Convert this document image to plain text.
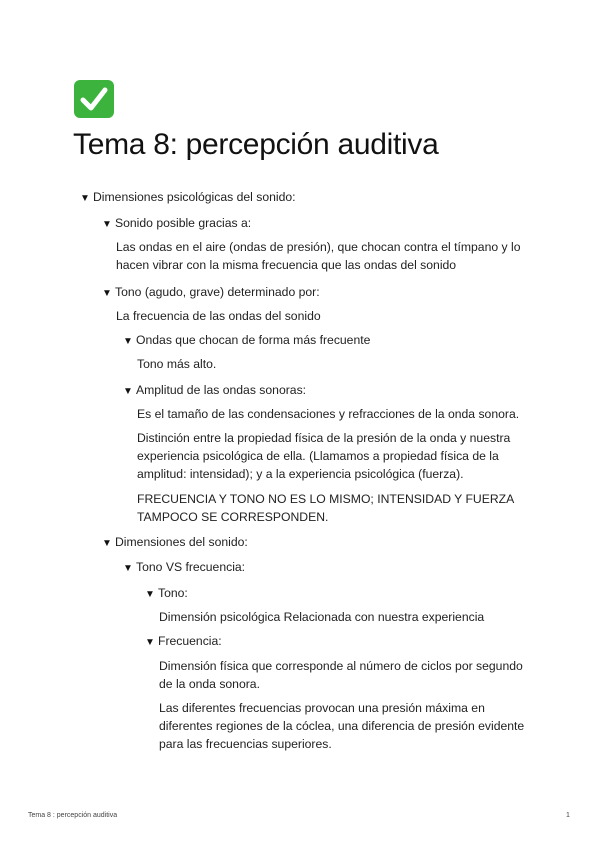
Tema 8: percepción auditiva
▼ Dimensiones psicológicas del sonido:
▼ Sonido posible gracias a:
Las ondas en el aire (ondas de presión), que chocan contra el tímpano y lo
hacen vibrar con la misma frecuencia que las ondas del sonido
▼ Tono (agudo, grave) determinado por:
La frecuencia de las ondas del sonido
▼ Ondas que chocan de forma más frecuente
Tono más alto.
▼ Amplitud de las ondas sonoras:
Es el tamaño de las condensaciones y refracciones de la onda sonora.
Distinción entre la propiedad física de la presión de la onda y nuestra
experiencia psicológica de ella. (Llamamos a propiedad física de la
amplitud: intensidad); y a la experiencia psicológica (fuerza).
FRECUENCIA Y TONO NO ES LO MISMO; INTENSIDAD Y FUERZA
TAMPOCO SE CORRESPONDEN.
▼ Dimensiones del sonido:
▼ Tono VS frecuencia:
▼ Tono:
Dimensión psicológica Relacionada con nuestra experiencia
▼ Frecuencia:
Dimensión física que corresponde al número de ciclos por segundo
de la onda sonora.
Las diferentes frecuencias provocan una presión máxima en
diferentes regiones de la cóclea, una diferencia de presión evidente
para las frecuencias superiores.
Tema 8 : percepción auditiva	1
